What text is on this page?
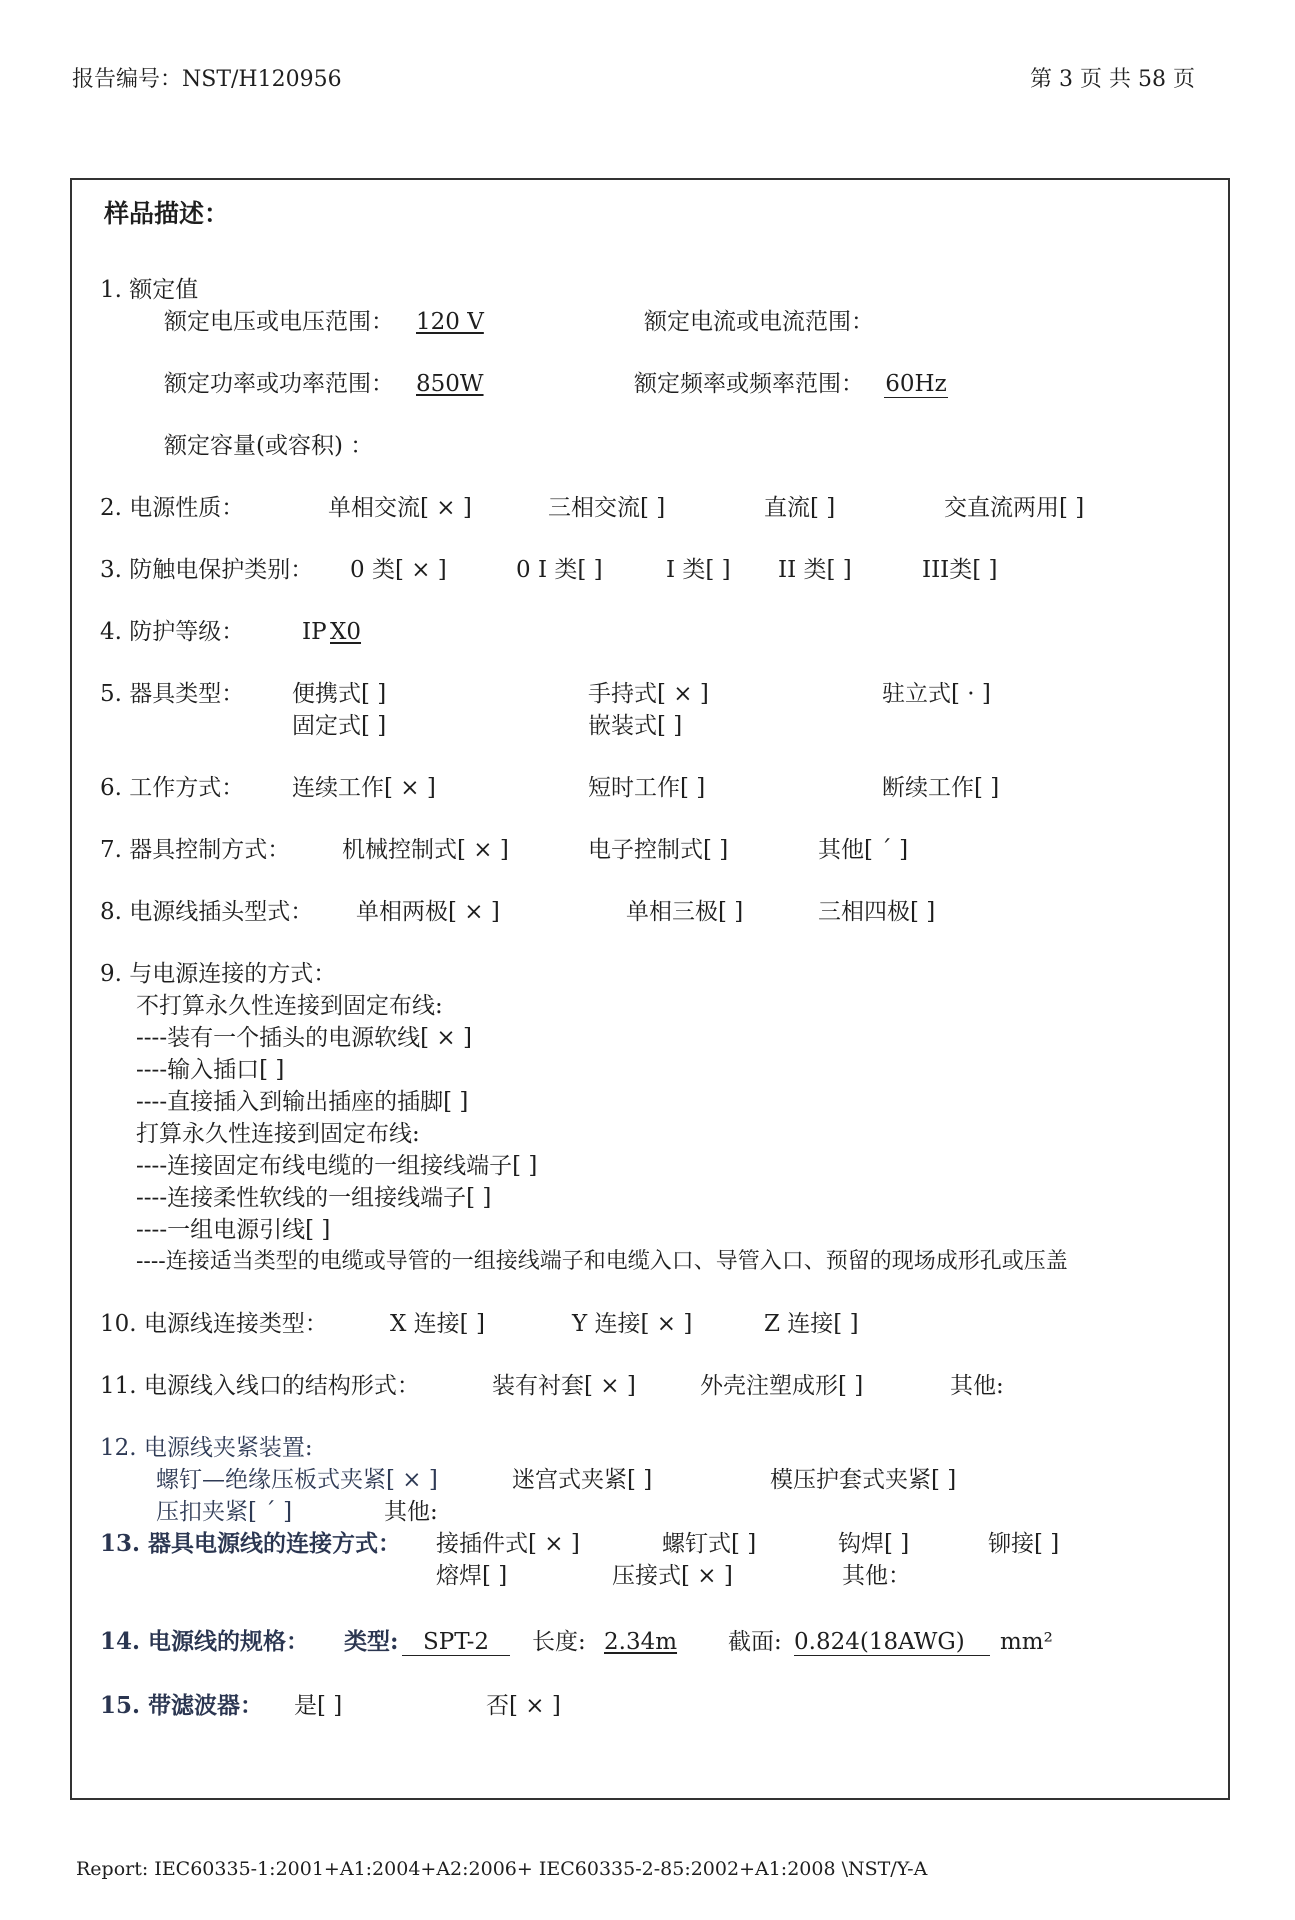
报告编号：NST/H120956	第 3 页 共 58 页
样品描述：
1. 额定值
额定电压或电压范围： 120 V	额定电流或电流范围：
额定功率或功率范围： 850W	额定频率或频率范围： 60Hz
额定容量(或容积) ：
2. 电源性质：	单相交流[ × ]	三相交流[ ]	直流[ ]	交直流两用[ ]
3. 防触电保护类别： 0 类[ × ]	0 I 类[ ]	I 类[ ] II 类[ ]	III类[ ]
4. 防护等级：	IP X0
5. 器具类型： 便携式[ ]	手持式[ × ]	驻立式[ · ]
固定式[ ]	嵌装式[ ]
6. 工作方式： 连续工作[ × ]	短时工作[ ]	断续工作[ ]
7. 器具控制方式： 机械控制式[ × ]	电子控制式[ ]	其他[ ˊ ]
8. 电源线插头型式： 单相两极[ × ]	单相三极[ ]	三相四极[ ]
9. 与电源连接的方式：
不打算永久性连接到固定布线:
----装有一个插头的电源软线[ × ]
----输入插口[ ]
----直接插入到输出插座的插脚[ ]
打算永久性连接到固定布线:
----连接固定布线电缆的一组接线端子[ ]
----连接柔性软线的一组接线端子[ ]
----一组电源引线[ ]
----连接适当类型的电缆或导管的一组接线端子和电缆入口、导管入口、预留的现场成形孔或压盖
10. 电源线连接类型：	X 连接[ ]	Y 连接[ × ]	Z 连接[ ]
11. 电源线入线口的结构形式：	装有衬套[ × ]	外壳注塑成形[ ]	其他:
12. 电源线夹紧装置:
螺钉—绝缘压板式夹紧[ × ]	迷宫式夹紧[ ]	模压护套式夹紧[ ]
压扣夹紧[ ˊ ]	其他:
13. 器具电源线的连接方式： 接插件式[ × ]	螺钉式[ ]	钩焊[ ]	铆接[ ]
熔焊[ ]	压接式[ × ]	其他：
14. 电源线的规格： 类型:	SPT-2	长度: 2.34m 截面: 0.824(18AWG)	mm²
15. 带滤波器： 是[ ]	否[ × ]
Report: IEC60335-1:2001+A1:2004+A2:2006+ IEC60335-2-85:2002+A1:2008 \NST/Y-A
